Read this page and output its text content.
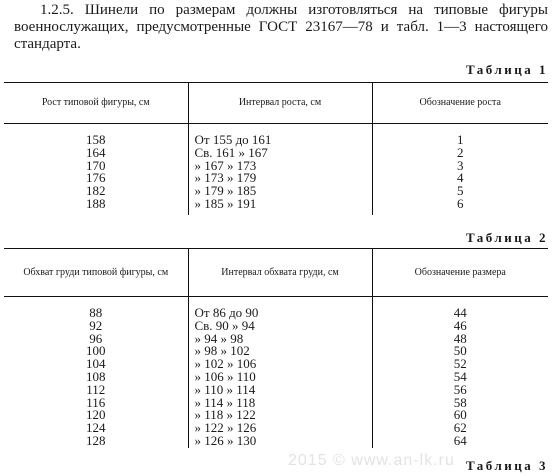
1.2.5. Шинели по размерам должны изготовляться на типовые фигуры военнослужащих, предусмотренные ГОСТ 23167—78 и табл. 1—3 настоящего стандарта.
Таблица 1
Рост типовой фигуры, см	Интервал роста, см	Обозначение роста

158	От 155 до 161	1
164	Св. 161 » 167	2
170	» 167 » 173	3
176	» 173 » 179	4
182	» 179 » 185	5
188	» 185 » 191	6

Таблица 2
Обхват груди типовой фигуры, см	Интервал обхвата груди, см	Обозначение размера

88	От 86 до 90	44
92	Св. 90 » 94	46
96	» 94 » 98	48
100	» 98 » 102	50
104	» 102 » 106	52
108	» 106 » 110	54
112	» 110 » 114	56
116	» 114 » 118	58
120	» 118 » 122	60
124	» 122 » 126	62
128	» 126 » 130	64
2015 © www.an-lk.ru Таблица 3
